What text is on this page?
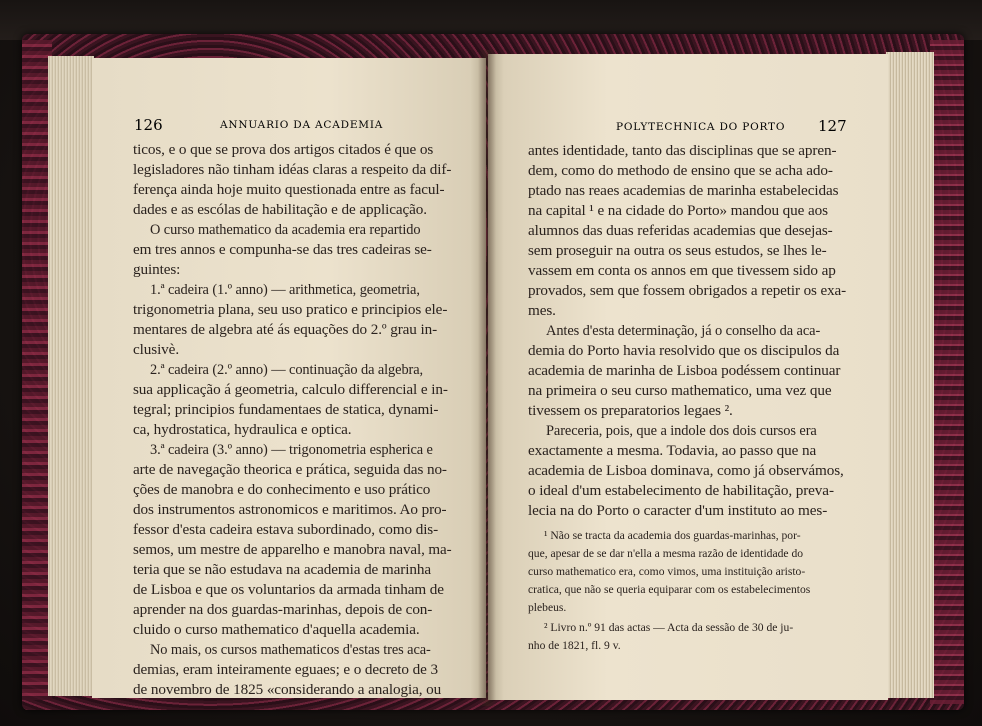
126	ANNUARIO DA ACADEMIA	POLYTECHNICA DO PORTO 127
ticos, e o que se prova dos artigos citados é que os
legisladores não tinham idéas claras a respeito da dif-
ferença ainda hoje muito questionada entre as facul-
dades e as escólas de habilitação e de applicação.
O curso mathematico da academia era repartido
em tres annos e compunha-se das tres cadeiras se-
guintes:
1.ª cadeira (1.º anno) — arithmetica, geometria,
trigonometria plana, seu uso pratico e principios ele-
mentares de algebra até ás equações do 2.º grau in-
clusivè.
2.ª cadeira (2.º anno) — continuação da algebra,
sua applicação á geometria, calculo differencial e in-
tegral; principios fundamentaes de statica, dynami-
ca, hydrostatica, hydraulica e optica.
3.ª cadeira (3.º anno) — trigonometria espherica e
arte de navegação theorica e prática, seguida das no-
ções de manobra e do conhecimento e uso prático
dos instrumentos astronomicos e maritimos. Ao pro-
fessor d'esta cadeira estava subordinado, como dis-
semos, um mestre de apparelho e manobra naval, ma-
teria que se não estudava na academia de marinha
de Lisboa e que os voluntarios da armada tinham de
aprender na dos guardas-marinhas, depois de con-
cluido o curso mathematico d'aquella academia.
No mais, os cursos mathematicos d'estas tres aca-
demias, eram inteiramente eguaes; e o decreto de 3
de novembro de 1825 «considerando a analogia, ou
antes identidade, tanto das disciplinas que se apren-
dem, como do methodo de ensino que se acha ado-
ptado nas reaes academias de marinha estabelecidas
na capital ¹ e na cidade do Porto» mandou que aos
alumnos das duas referidas academias que desejas-
sem proseguir na outra os seus estudos, se lhes le-
vassem em conta os annos em que tivessem sido ap
provados, sem que fossem obrigados a repetir os exa-
mes.
Antes d'esta determinação, já o conselho da aca-
demia do Porto havia resolvido que os discipulos da
academia de marinha de Lisboa podéssem continuar
na primeira o seu curso mathematico, uma vez que
tivessem os preparatorios legaes ².
Pareceria, pois, que a indole dos dois cursos era
exactamente a mesma. Todavia, ao passo que na
academia de Lisboa dominava, como já observámos,
o ideal d'um estabelecimento de habilitação, preva-
lecia na do Porto o caracter d'um instituto ao mes-
¹ Não se tracta da academia dos guardas-marinhas, por-
que, apesar de se dar n'ella a mesma razão de identidade do
curso mathematico era, como vimos, uma instituição aristo-
cratica, que não se queria equiparar com os estabelecimentos
plebeus.
² Livro n.º 91 das actas — Acta da sessão de 30 de ju-
nho de 1821, fl. 9 v.
